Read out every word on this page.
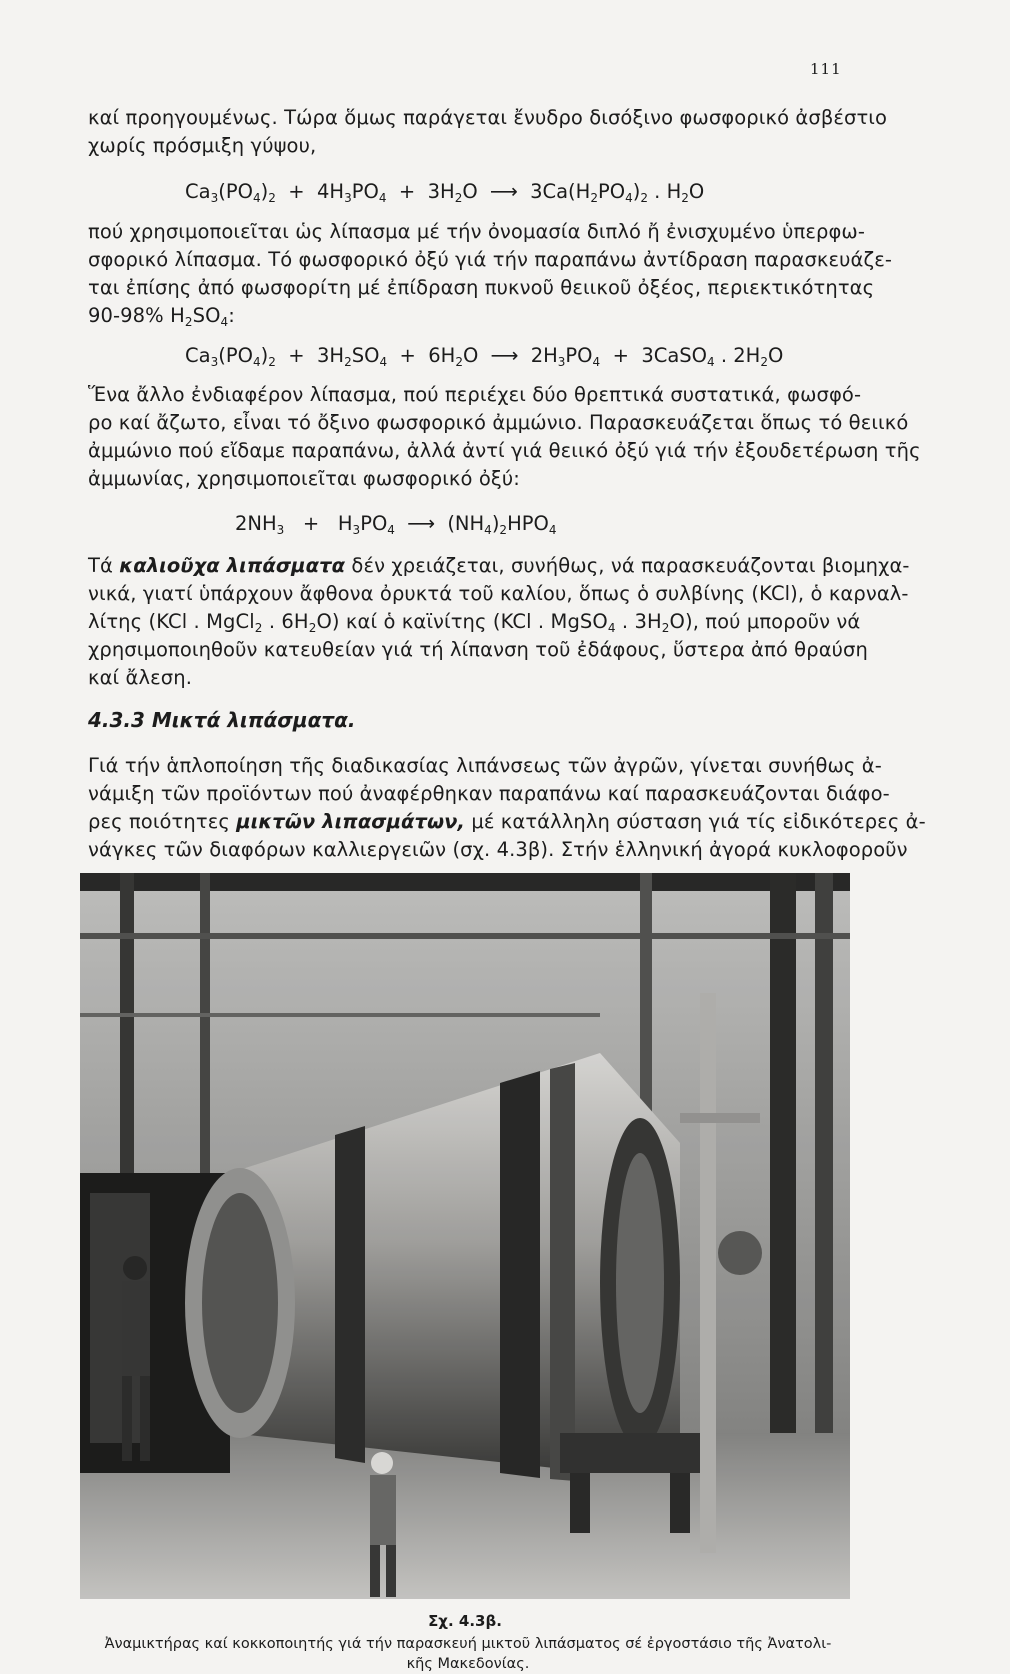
111
καί προηγουμένως. Τώρα ὅμως παράγεται ἔνυδρο δισόξινο φωσφορικό ἀσβέστιο
χωρίς πρόσμιξη γύψου,
$Ca_3(PO_4)_2 + 4H_3PO_4 + 3H_2O$ ⟶ $3Ca(H_2PO_4)_2$ . $H_2O$
πού χρησιμοποιεῖται ὡς λίπασμα μέ τήν ὀνομασία διπλό ἤ ἐνισχυμένο ὑπερφω-
σφορικό λίπασμα. Τό φωσφορικό ὀξύ γιά τήν παραπάνω ἀντίδραση παρασκευάζε-
ται ἐπίσης ἀπό φωσφορίτη μέ ἐπίδραση πυκνοῦ θειικοῦ ὀξέος, περιεκτικότητας
90-98% $H_2SO_4$:
$Ca_3(PO_4)_2 + 3H_2SO_4 + 6H_2O$ ⟶ $2H_3PO_4$ + 3CaSO$_4$ . $2H_2O$
Ἕνα ἄλλο ἐνδιαφέρον λίπασμα, πού περιέχει δύο θρεπτικά συστατικά, φωσφό-
ρο καί ἄζωτο, εἶναι τό ὄξινο φωσφορικό ἀμμώνιο. Παρασκευάζεται ὅπως τό θειικό
ἀμμώνιο πού εἴδαμε παραπάνω, ἀλλά ἀντί γιά θειικό ὀξύ γιά τήν ἐξουδετέρωση τῆς
ἀμμωνίας, χρησιμοποιεῖται φωσφορικό ὀξύ:
$2NH_3 + H_3PO_4$ ⟶ $(NH_4)_2HPO_4$
Τά καλιοῦχα λιπάσματα δέν χρειάζεται, συνήθως, νά παρασκευάζονται βιομηχα-
νικά, γιατί ὑπάρχουν ἄφθονα ὀρυκτά τοῦ καλίου, ὅπως ὁ συλβίνης (KCl), ὁ καρναλ-
λίτης (KCl . MgCl$_2$ . $6H_2O$) καί ὁ καϊνίτης (KCl . MgSO$_4$ . $3H_2O$), πού μποροῦν νά
χρησιμοποιηθοῦν κατευθείαν γιά τή λίπανση τοῦ ἐδάφους, ὕστερα ἀπό θραύση
καί ἄλεση.
4.3.3 Μικτά λιπάσματα.
Γιά τήν ἁπλοποίηση τῆς διαδικασίας λιπάνσεως τῶν ἀγρῶν, γίνεται συνήθως ἀ-
νάμιξη τῶν προϊόντων πού ἀναφέρθηκαν παραπάνω καί παρασκευάζονται διάφο-
ρες ποιότητες μικτῶν λιπασμάτων, μέ κατάλληλη σύσταση γιά τίς εἰδικότερες ἀ-
νάγκες τῶν διαφόρων καλλιεργειῶν (σχ. 4.3β). Στήν ἑλληνική ἀγορά κυκλοφοροῦν
Σχ. 4.3β.
Ἀναμικτήρας καί κοκκοποιητής γιά τήν παρασκευή μικτοῦ λιπάσματος σέ ἐργοστάσιο τῆς Ἀνατολι-
κῆς Μακεδονίας.
